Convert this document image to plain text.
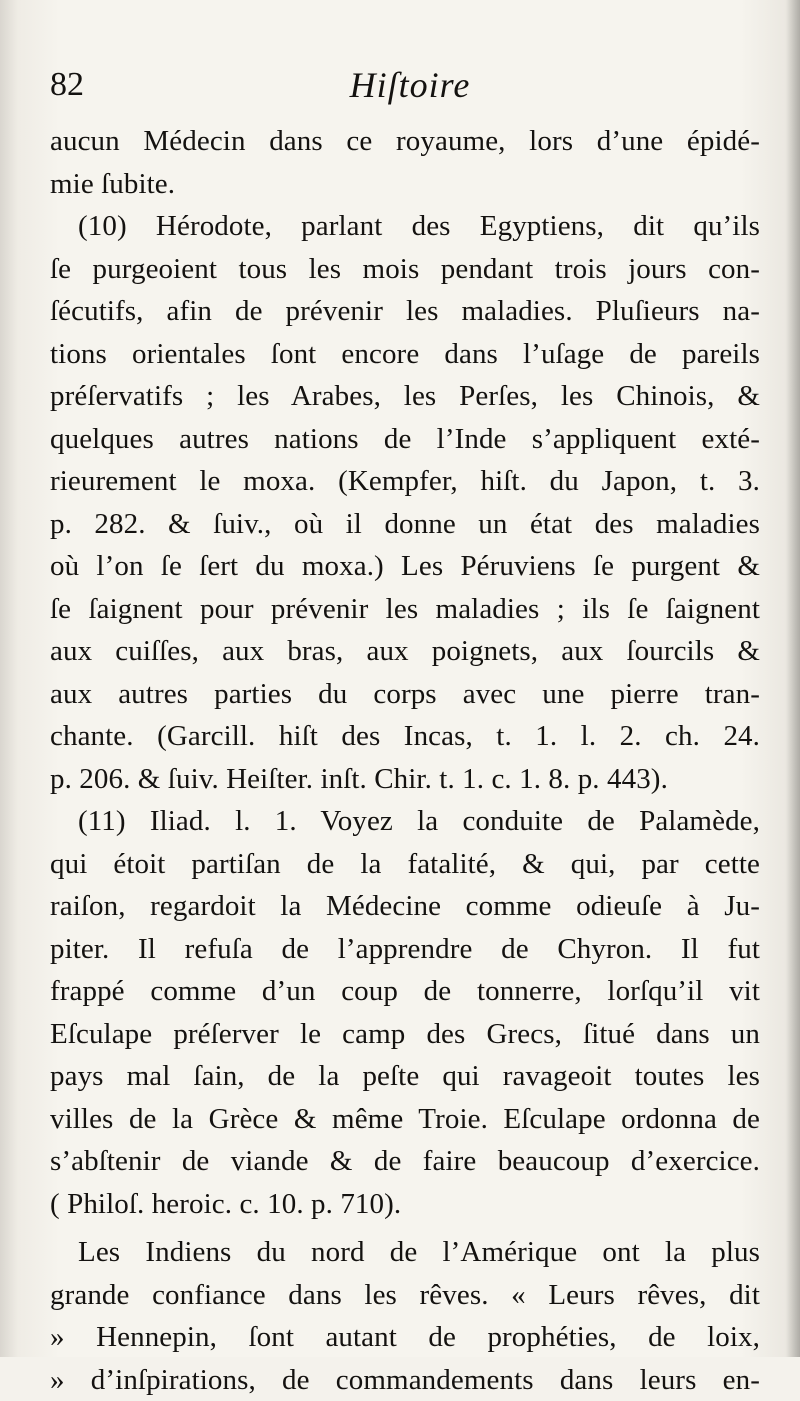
82	Hiſtoire
aucun Médecin dans ce royaume, lors d’une épidé-
mie ſubite.
(10) Hérodote, parlant des Egyptiens, dit qu’ils
ſe purgeoient tous les mois pendant trois jours con-
ſécutifs, afin de prévenir les maladies. Pluſieurs na-
tions orientales ſont encore dans l’uſage de pareils
préſervatifs ; les Arabes, les Perſes, les Chinois, &
quelques autres nations de l’Inde s’appliquent exté-
rieurement le moxa. (Kempfer, hiſt. du Japon, t. 3.
p. 282. & ſuiv., où il donne un état des maladies
où l’on ſe ſert du moxa.) Les Péruviens ſe purgent &
ſe ſaignent pour prévenir les maladies ; ils ſe ſaignent
aux cuiſſes, aux bras, aux poignets, aux ſourcils &
aux autres parties du corps avec une pierre tran-
chante. (Garcill. hiſt des Incas, t. 1. l. 2. ch. 24.
p. 206. & ſuiv. Heiſter. inſt. Chir. t. 1. c. 1. 8. p. 443).
(11) Iliad. l. 1. Voyez la conduite de Palamède,
qui étoit partiſan de la fatalité, & qui, par cette
raiſon, regardoit la Médecine comme odieuſe à Ju-
piter. Il refuſa de l’apprendre de Chyron. Il fut
frappé comme d’un coup de tonnerre, lorſqu’il vit
Eſculape préſerver le camp des Grecs, ſitué dans un
pays mal ſain, de la peſte qui ravageoit toutes les
villes de la Grèce & même Troie. Eſculape ordonna de
s’abſtenir de viande & de faire beaucoup d’exercice.
( Philoſ. heroic. c. 10. p. 710).
Les Indiens du nord de l’Amérique ont la plus
grande confiance dans les rêves. « Leurs rêves, dit
» Hennepin, ſont autant de prophéties, de loix,
» d’inſpirations, de commandements dans leurs en-
